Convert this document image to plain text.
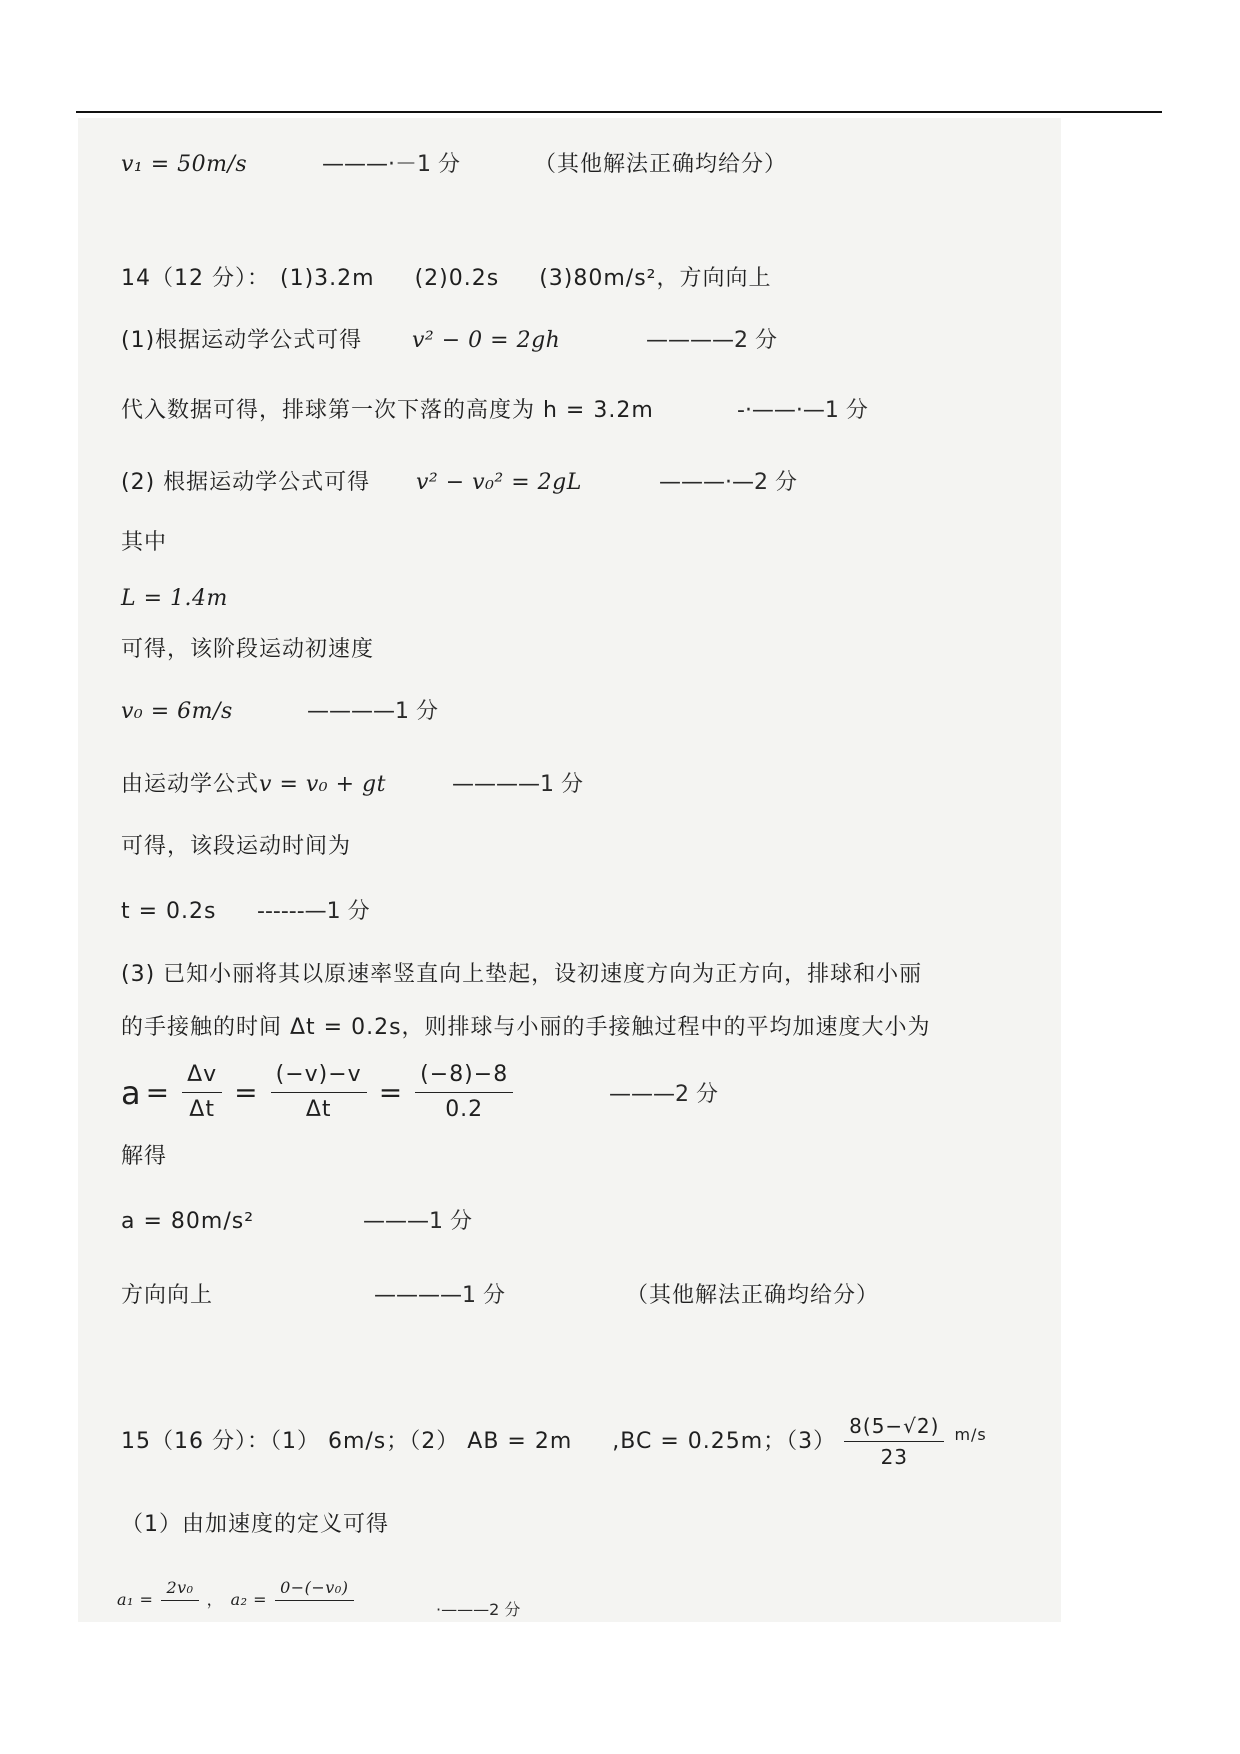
v₁ = 50m/s	———·－1 分	（其他解法正确均给分）
14（12 分）： (1)3.2m (2)0.2s (3)80m/s² ，方向向上
(1)根据运动学公式可得 v² − 0 = 2gh	————2 分
代入数据可得，排球第一次下落的高度为 h = 3.2m	-·——·—1 分
(2) 根据运动学公式可得 v² − v₀² = 2gL	———·—2 分
其中
L = 1.4m
可得，该阶段运动初速度
v₀ = 6m/s	————1 分
由运动学公式 v = v₀ + gt	————1 分
可得，该段运动时间为
t = 0.2s ------—1 分
(3) 已知小丽将其以原速率竖直向上垫起，设初速度方向为正方向，排球和小丽
的手接触的时间 Δt = 0.2s，则排球与小丽的手接触过程中的平均加速度大小为
$a = \frac{\Delta v}{\Delta t} = \frac{(-v)-v}{\Delta t} = \frac{(-8)-8}{0.2}$	———2 分
解得
a = 80m/s²	———1 分
方向向上	————1 分	（其他解法正确均给分）
15（16 分）：（1） 6m/s；（2） AB = 2m ,BC = 0.25m；$(3) \frac{8(5-√2)}{23} m/s$
（1）由加速度的定义可得
a₁ =
2v₀
， a₂ =
0−(−v₀)
·———2 分
